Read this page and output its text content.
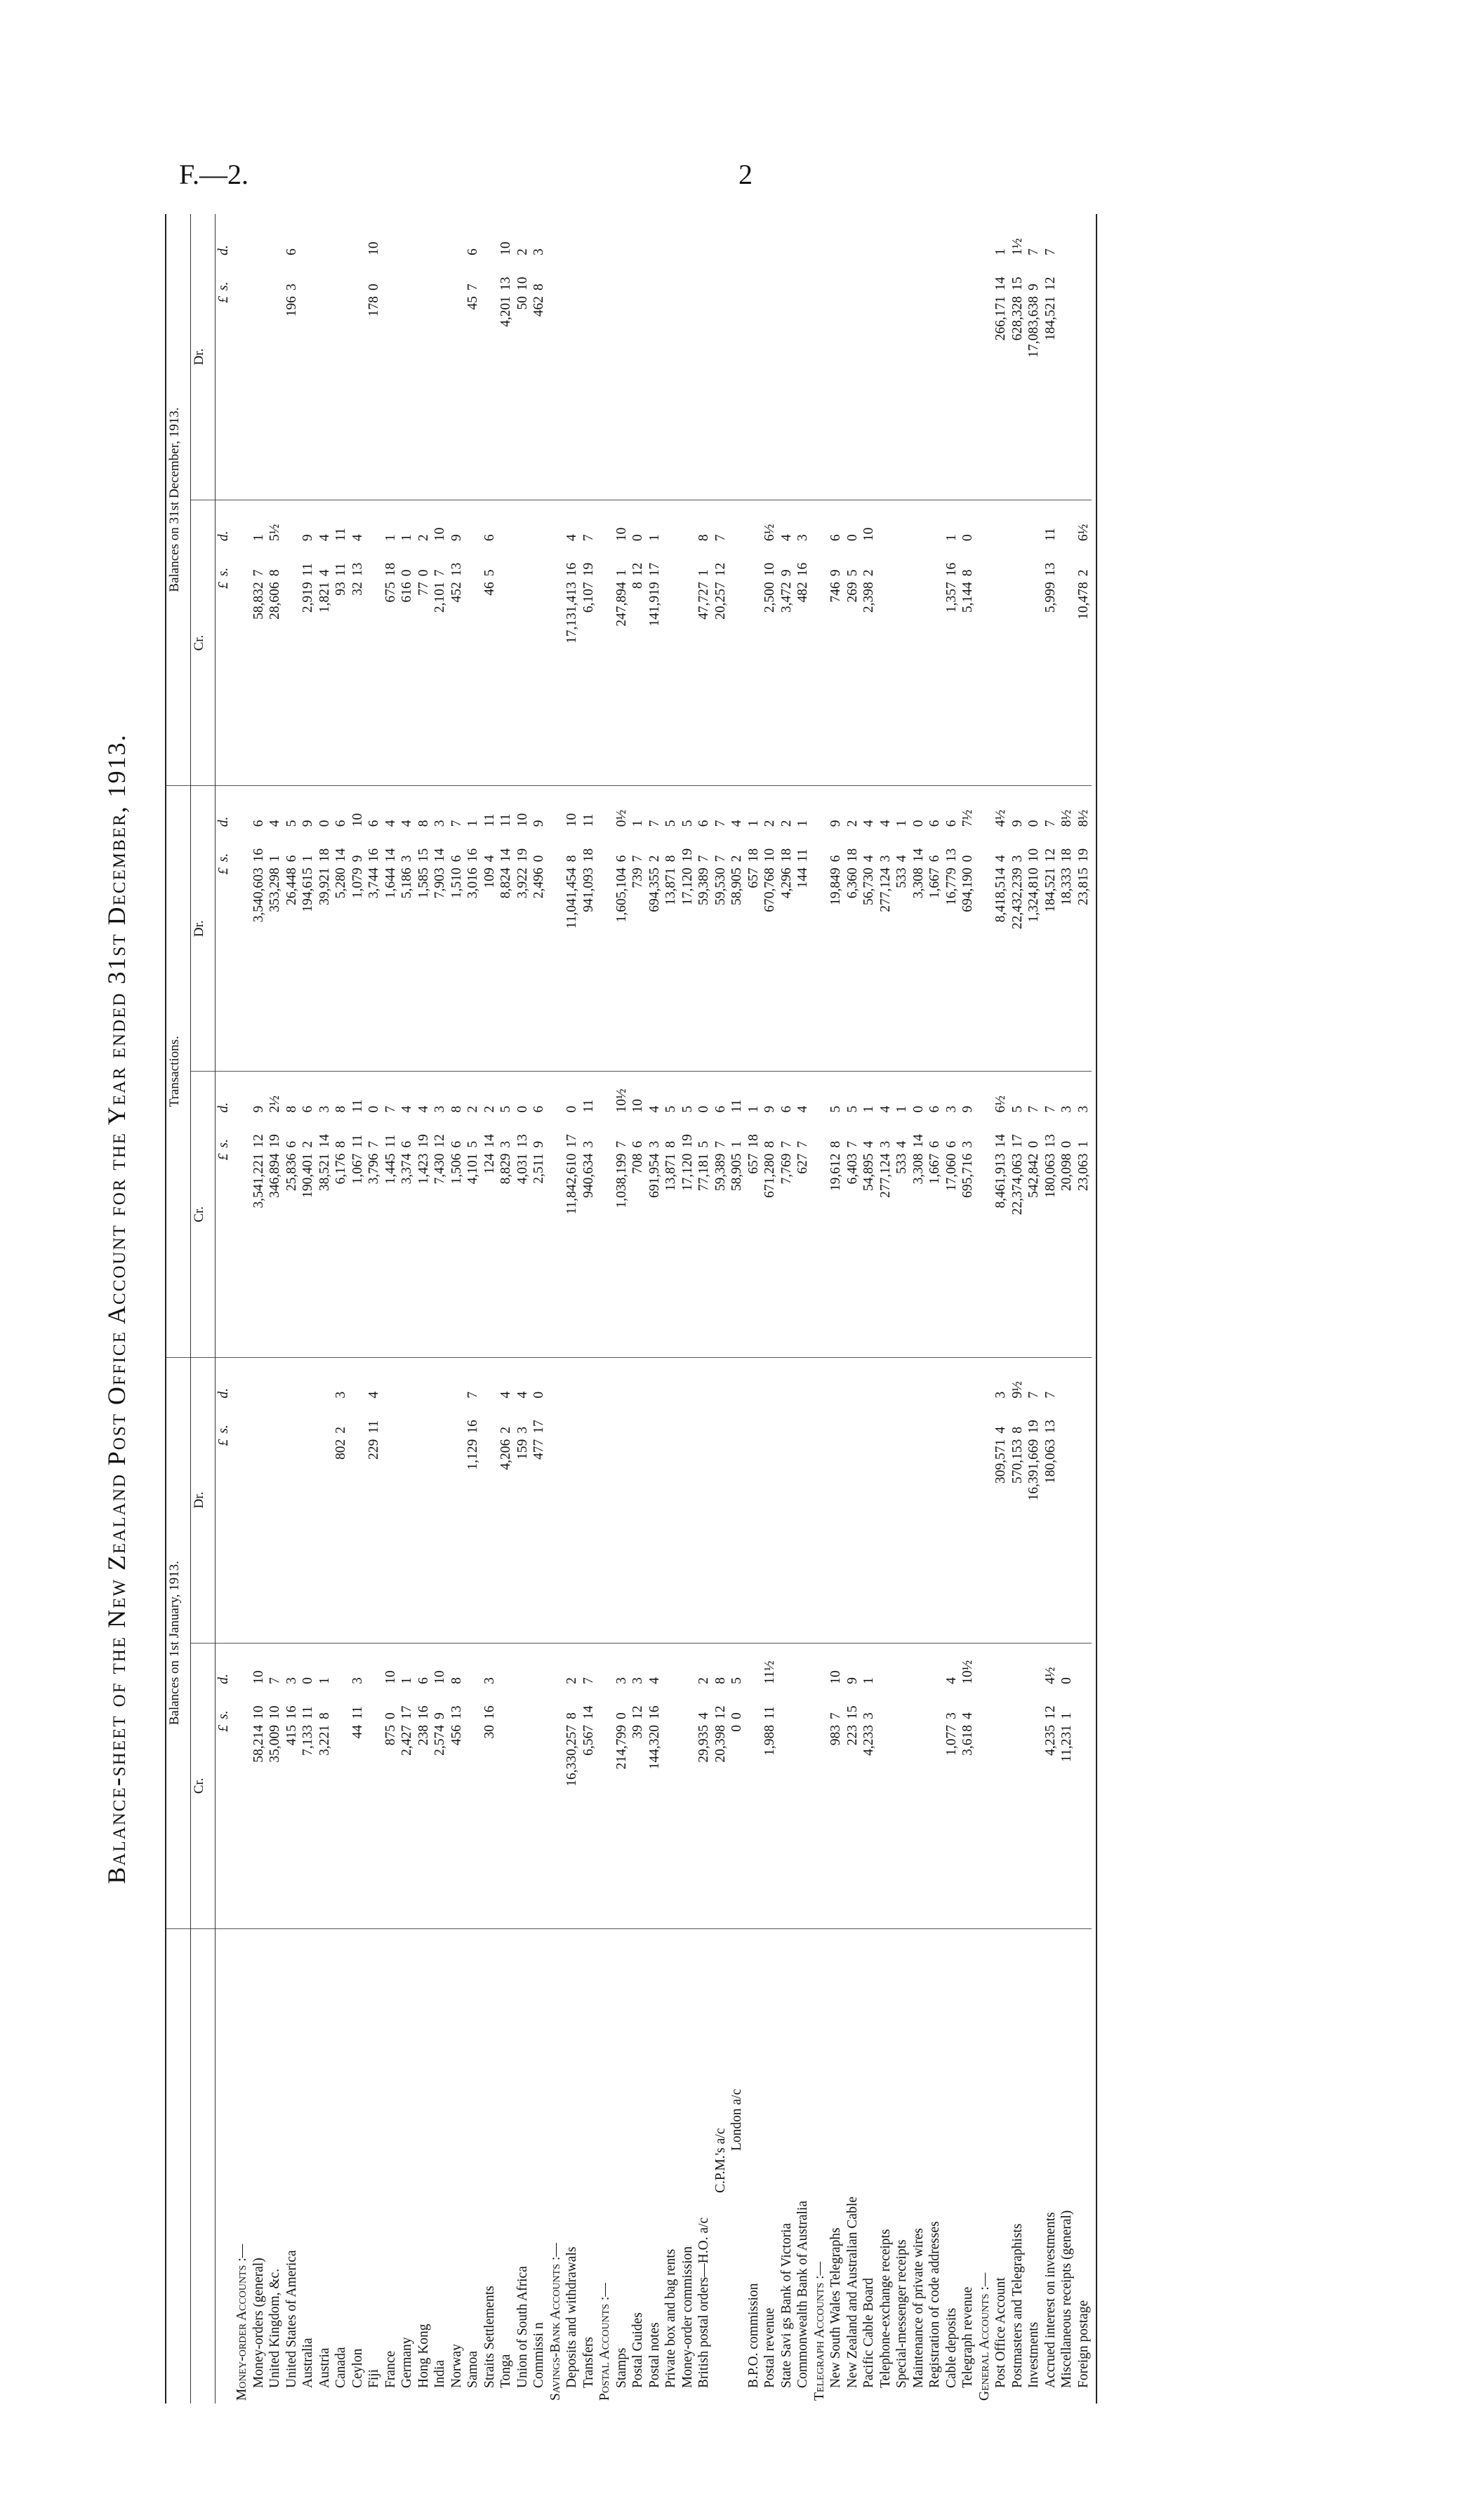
F.—2.	2
Balance-sheet of the New Zealand Post Office Account for the Year ended 31st December, 1913.
		Balances on 1st January, 1913.						Transactions.						Balances on 31st December, 1913.					
	Cr.			Dr.			Cr.			Dr.			Cr.			Dr.		
	£	s.	d.	£	s.	d.	£	s.	d.	£	s.	d.	£	s.	d.	£	s.	d.
Money-order Accounts :—																		
Money-orders (general)	58,214	10	10				3,541,221	12	9	3,540,603	16	6	58,832	7	1			
United Kingdom, &c.	35,009	10	7				346,894	19	2½	353,298	1	4	28,606	8	5½			
United States of America	415	16	3				25,836	6	8	26,448	6	5				196	3	6
Australia	7,133	11	0				190,401	2	6	194,615	1	9	2,919	11	9			
Austria	3,221	8	1				38,521	14	3	39,921	18	0	1,821	4	4			
Canada				802	2	3	6,176	8	8	5,280	14	6	93	11	11			
Ceylon	44	11	3				1,067	11	11	1,079	9	10	32	13	4			
Fiji				229	11	4	3,796	7	0	3,744	16	6				178	0	10
France	875	0	10				1,445	11	7	1,644	14	4	675	18	1			
Germany	2,427	17	1				3,374	6	4	5,186	3	4	616	0	1			
Hong Kong	238	16	6				1,423	19	4	1,585	15	8	77	0	2			
India	2,574	9	10				7,430	12	3	7,903	14	3	2,101	7	10			
Norway	456	13	8				1,506	6	8	1,510	6	7	452	13	9			
Samoa				1,129	16	7	4,101	5	2	3,016	16	1				45	7	6
Straits Settlements	30	16	3				124	14	2	109	4	11	46	5	6			
Tonga				4,206	2	4	8,829	3	5	8,824	14	11				4,201	13	10
Union of South Africa				159	3	4	4,031	13	0	3,922	19	10				50	10	2
Commissi n				477	17	0	2,511	9	6	2,496	0	9				462	8	3
Savings-Bank Accounts :—																		
Deposits and withdrawals	16,330,257	8	2				11,842,610	17	0	11,041,454	8	10	17,131,413	16	4			
Transfers	6,567	14	7				940,634	3	11	941,093	18	11	6,107	19	7			
Postal Accounts :—																		
Stamps	214,799	0	3				1,038,199	7	10½	1,605,104	6	0½	247,894	1	10			
Postal Guides	39	12	3				708	6	10	739	7	1	8	12	0			
Postal notes	144,320	16	4				691,954	3	4	694,355	2	7	141,919	17	1			
Private box and bag rents							13,871	8	5	13,871	8	5						
Money-order commission							17,120	19	5	17,120	19	5						
British postal orders—H.O. a/c	29,935	4	2				77,181	5	0	59,389	7	6	47,727	1	8			
C.P.M.'s a/c	20,398	12	8				59,389	7	6	59,530	7	7	20,257	12	7			
London a/c	0	0	5				58,905	1	11	58,905	2	4						
B.P.O. commission							657	18	1	657	18	1						
Postal revenue	1,988	11	11½				671,280	8	9	670,768	10	2	2,500	10	6½			
State Savi gs Bank of Victoria							7,769	7	6	4,296	18	2	3,472	9	4			
Commonwealth Bank of Australia							627	7	4	144	11	1	482	16	3			
Telegraph Accounts :—																		
New South Wales Telegraphs	983	7	10				19,612	8	5	19,849	6	9	746	9	6			
New Zealand and Australian Cable	223	15	9				6,403	7	5	6,360	18	2	269	5	0			
Pacific Cable Board	4,233	3	1				54,895	4	1	56,730	4	4	2,398	2	10			
Telephone-exchange receipts							277,124	3	4	277,124	3	4						
Special-messenger receipts							533	4	1	533	4	1						
Maintenance of private wires							3,308	14	0	3,308	14	0						
Registration of code addresses							1,667	6	6	1,667	6	6						
Cable deposits	1,077	3	4				17,060	6	3	16,779	13	6	1,357	16	1			
Telegraph revenue	3,618	4	10½				695,716	3	9	694,190	0	7½	5,144	8	0			
General Accounts :—																		
Post Office Account				309,571	4	3	8,461,913	14	6½	8,418,514	4	4½				266,171	14	1
Postmasters and Telegraphists				570,153	8	9½	22,374,063	17	5	22,432,239	3	9				628,328	15	1½
Investments				16,391,669	19	7	542,842	0	7	1,324,810	10	0				17,083,638	9	7
Accrued interest on investments	4,235	12	4½	180,063	13	7	180,063	13	7	184,521	12	7	5,999	13	11	184,521	12	7
Miscellaneous receipts (general)	11,231	1	0				20,098	0	3	18,333	18	8½						
Foreign postage							23,063	1	3	23,815	19	8½	10,478	2	6½			
